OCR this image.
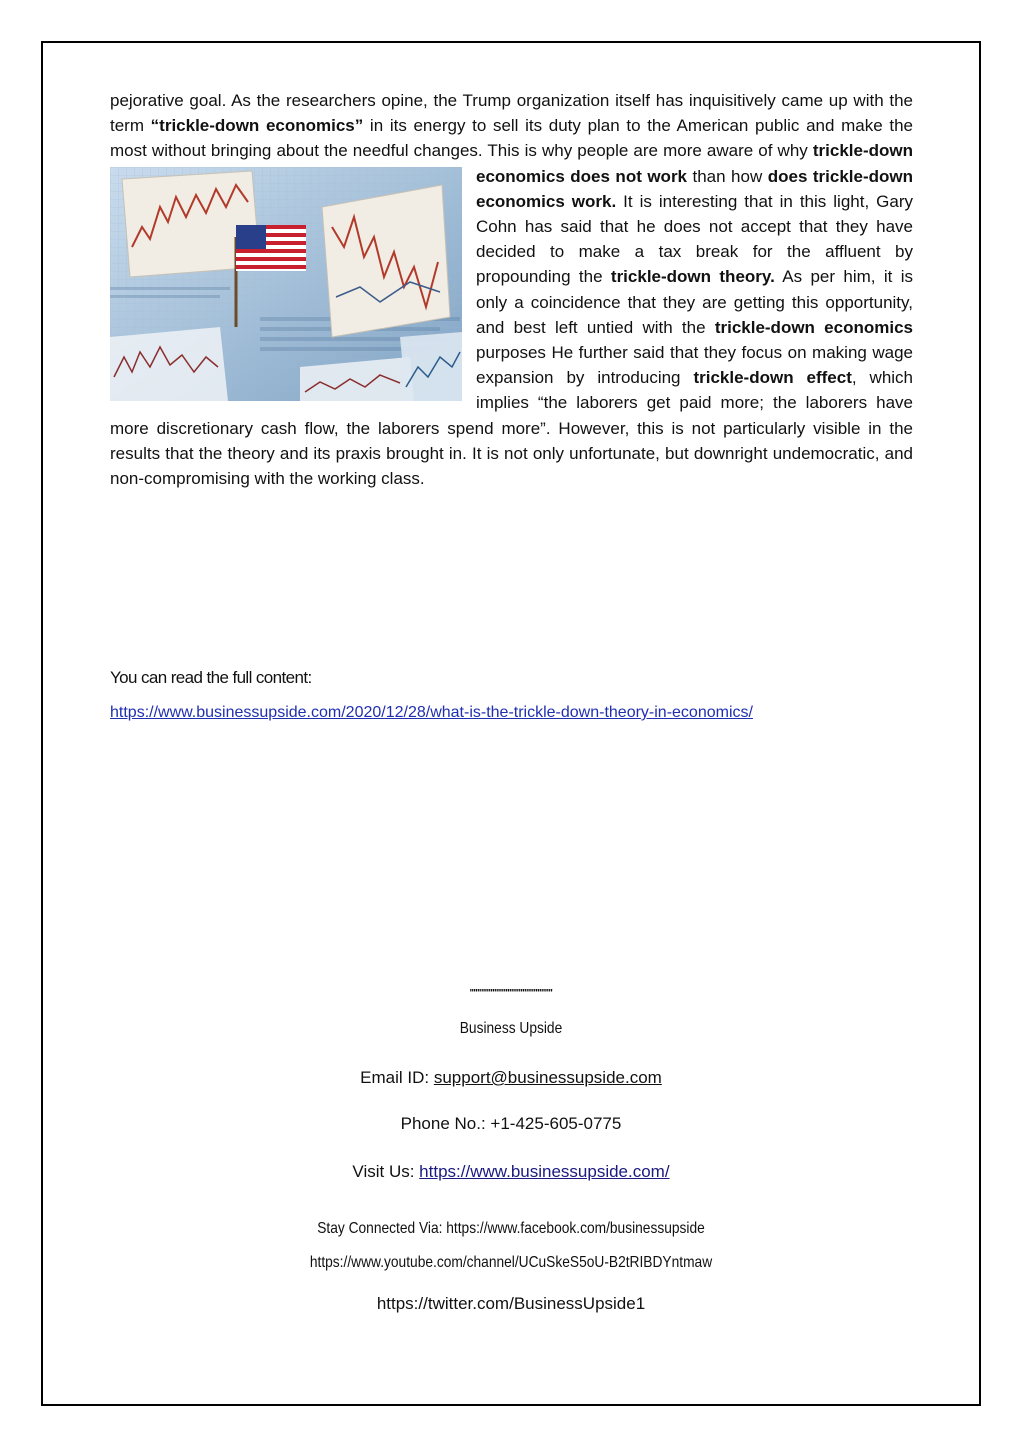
pejorative goal. As the researchers opine, the Trump organization itself has inquisitively came up with the term “trickle-down economics” in its energy to sell its duty plan to the American public and make the most without bringing about the needful changes. This is why people are more aware of why
trickle-down economics does not work than how does trickle-down economics work. It is interesting that in this light, Gary Cohn has said that he does not accept that they have decided to make a tax break for the affluent by propounding the trickle-down theory. As per him, it is only a coincidence that they are getting this opportunity, and best left untied with the trickle-down economics purposes He further said that they focus on making wage expansion by introducing trickle-down effect, which implies “the laborers get paid more; the laborers have more discretionary cash flow, the laborers spend more”. However, this is not particularly visible in the results that the theory and its praxis brought in. It is not only unfortunate, but downright undemocratic, and non-compromising with the working class.

You can read the full content:
https://www.businessupside.com/2020/12/28/what-is-the-trickle-down-theory-in-economics/
''''''''''''''''''''''''''''''''''''''''''''
Business Upside
Email ID: support@businessupside.com
Phone No.: +1-425-605-0775
Visit Us: https://www.businessupside.com/
Stay Connected Via: https://www.facebook.com/businessupside
https://www.youtube.com/channel/UCuSkeS5oU-B2tRIBDYntmaw
https://twitter.com/BusinessUpside1
